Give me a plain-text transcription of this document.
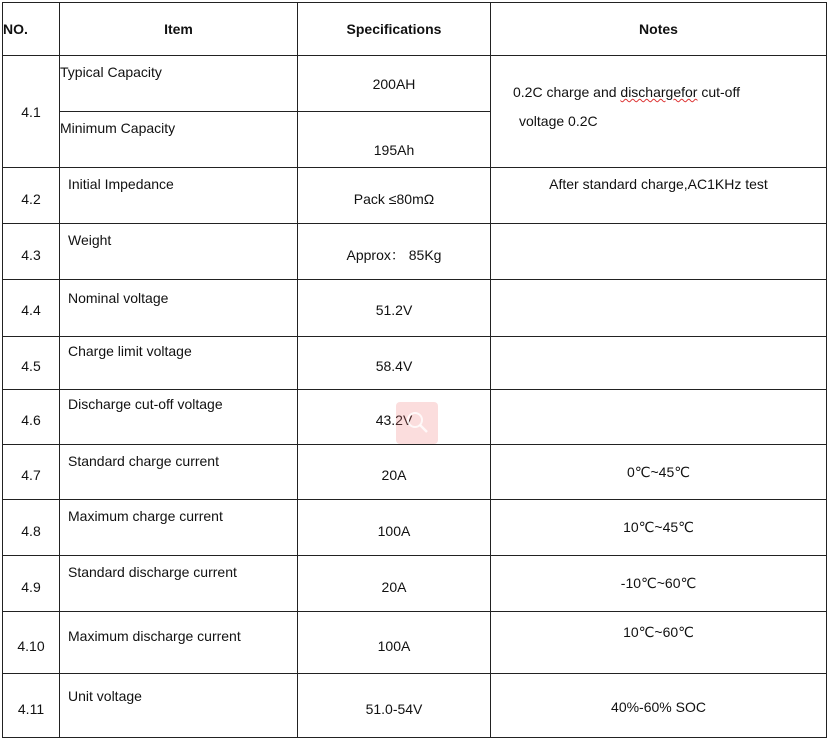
NO.	Item	Specifications	Notes
4.1	Typical Capacity	200AH	0.2C charge and dischargefor cut-off
voltage 0.2C

	Minimum Capacity	195Ah	
4.2	Initial Impedance	Pack ≤80mΩ	After standard charge,AC1KHz test
4.3	Weight	Approx： 85Kg	
4.4	Nominal voltage	51.2V	
4.5	Charge limit voltage	58.4V	
4.6	Discharge cut-off voltage	43.2V	
4.7	Standard charge current	20A	0℃~45℃
4.8	Maximum charge current	100A	10℃~45℃
4.9	Standard discharge current	20A	-10℃~60℃
4.10	Maximum discharge current	100A	10℃~60℃
4.11	Unit voltage	51.0-54V	40%-60% SOC
